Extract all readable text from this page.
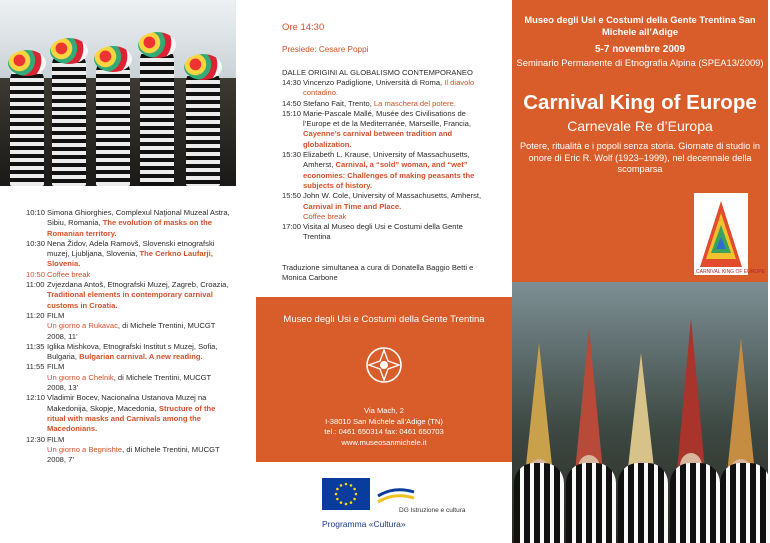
10:10 Simona Ghiorghies, Complexul Naţional Muzeal Astra, Sibiu, Romania, The evolution of masks on the Romanian territory.
10:30 Nena Židov, Adela Ramovš, Slovenski etnografski muzej, Ljubljana, Slovenia, The Cerkno Laufarji, Slovenia.
10:50 Coffee break
11:00 Zvjezdana Antoš, Etnografski Muzej, Zagreb, Croazia, Traditional elements in contemporary carnival customs in Croatia.
11:20 FILM
Un giorno a Rukavac, di Michele Trentini, MUCGT 2008, 11’
11:35 Iglika Mishkova, Etnografski Institut s Muzej, Sofia, Bulgaria, Bulgarian carnival. A new reading.
11:55 FILM
Un giorno a Chelnik, di Michele Trentini, MUCGT 2008, 13’
12:10 Vladimir Bocev, Nacionalna Ustanova Muzej na Makedonija, Skopje, Macedonia, Structure of the ritual with masks and Carnivals among the Macedonians.
12:30 FILM
Un giorno a Begnishte, di Michele Trentini, MUCGT 2008, 7’
Ore 14:30
Presiede: Cesare Poppi
DALLE ORIGINI AL GLOBALISMO CONTEMPORANEO
14:30 Vincenzo Padiglione, Università di Roma, Il diavolo contadino.
14:50 Stefano Fait, Trento, La maschera del potere.
15:10 Marie-Pascale Mallé, Musée des Civilisations de l’Europe et de la Mediterranée, Marseille, Francia, Cayenne’s carnival between tradition and globalization.
15:30 Elizabeth L. Krause, University of Massachusetts, Amherst, Carnival, a “sold” woman, and “wet” economies: Challenges of making peasants the subjects of history.
15:50 John W. Cole, University of Massachusetts, Amherst, Carnival in Time and Place.
Coffee break
17:00 Visita al Museo degli Usi e Costumi della Gente Trentina
Traduzione simultanea a cura di Donatella Baggio Betti e Monica Carbone
Museo degli Usi e Costumi della Gente Trentina
Via Mach, 2
I-38010 San Michele all’Adige (TN)
tel.: 0461 650314 fax: 0461 650703
www.museosanmichele.it
DG Istruzione e cultura
Programma «Cultura»
Museo degli Usi e Costumi della Gente Trentina San Michele all’Adige
5-7 novembre 2009
Seminario Permanente di Etnografia Alpina (SPEA13/2009)
Carnival King of Europe
Carnevale Re d’Europa
Potere, ritualità e i popoli senza storia. Giornate di studio in onore di Eric R. Wolf (1923–1999), nel decennale della scomparsa
CARNIVAL KING OF EUROPE
